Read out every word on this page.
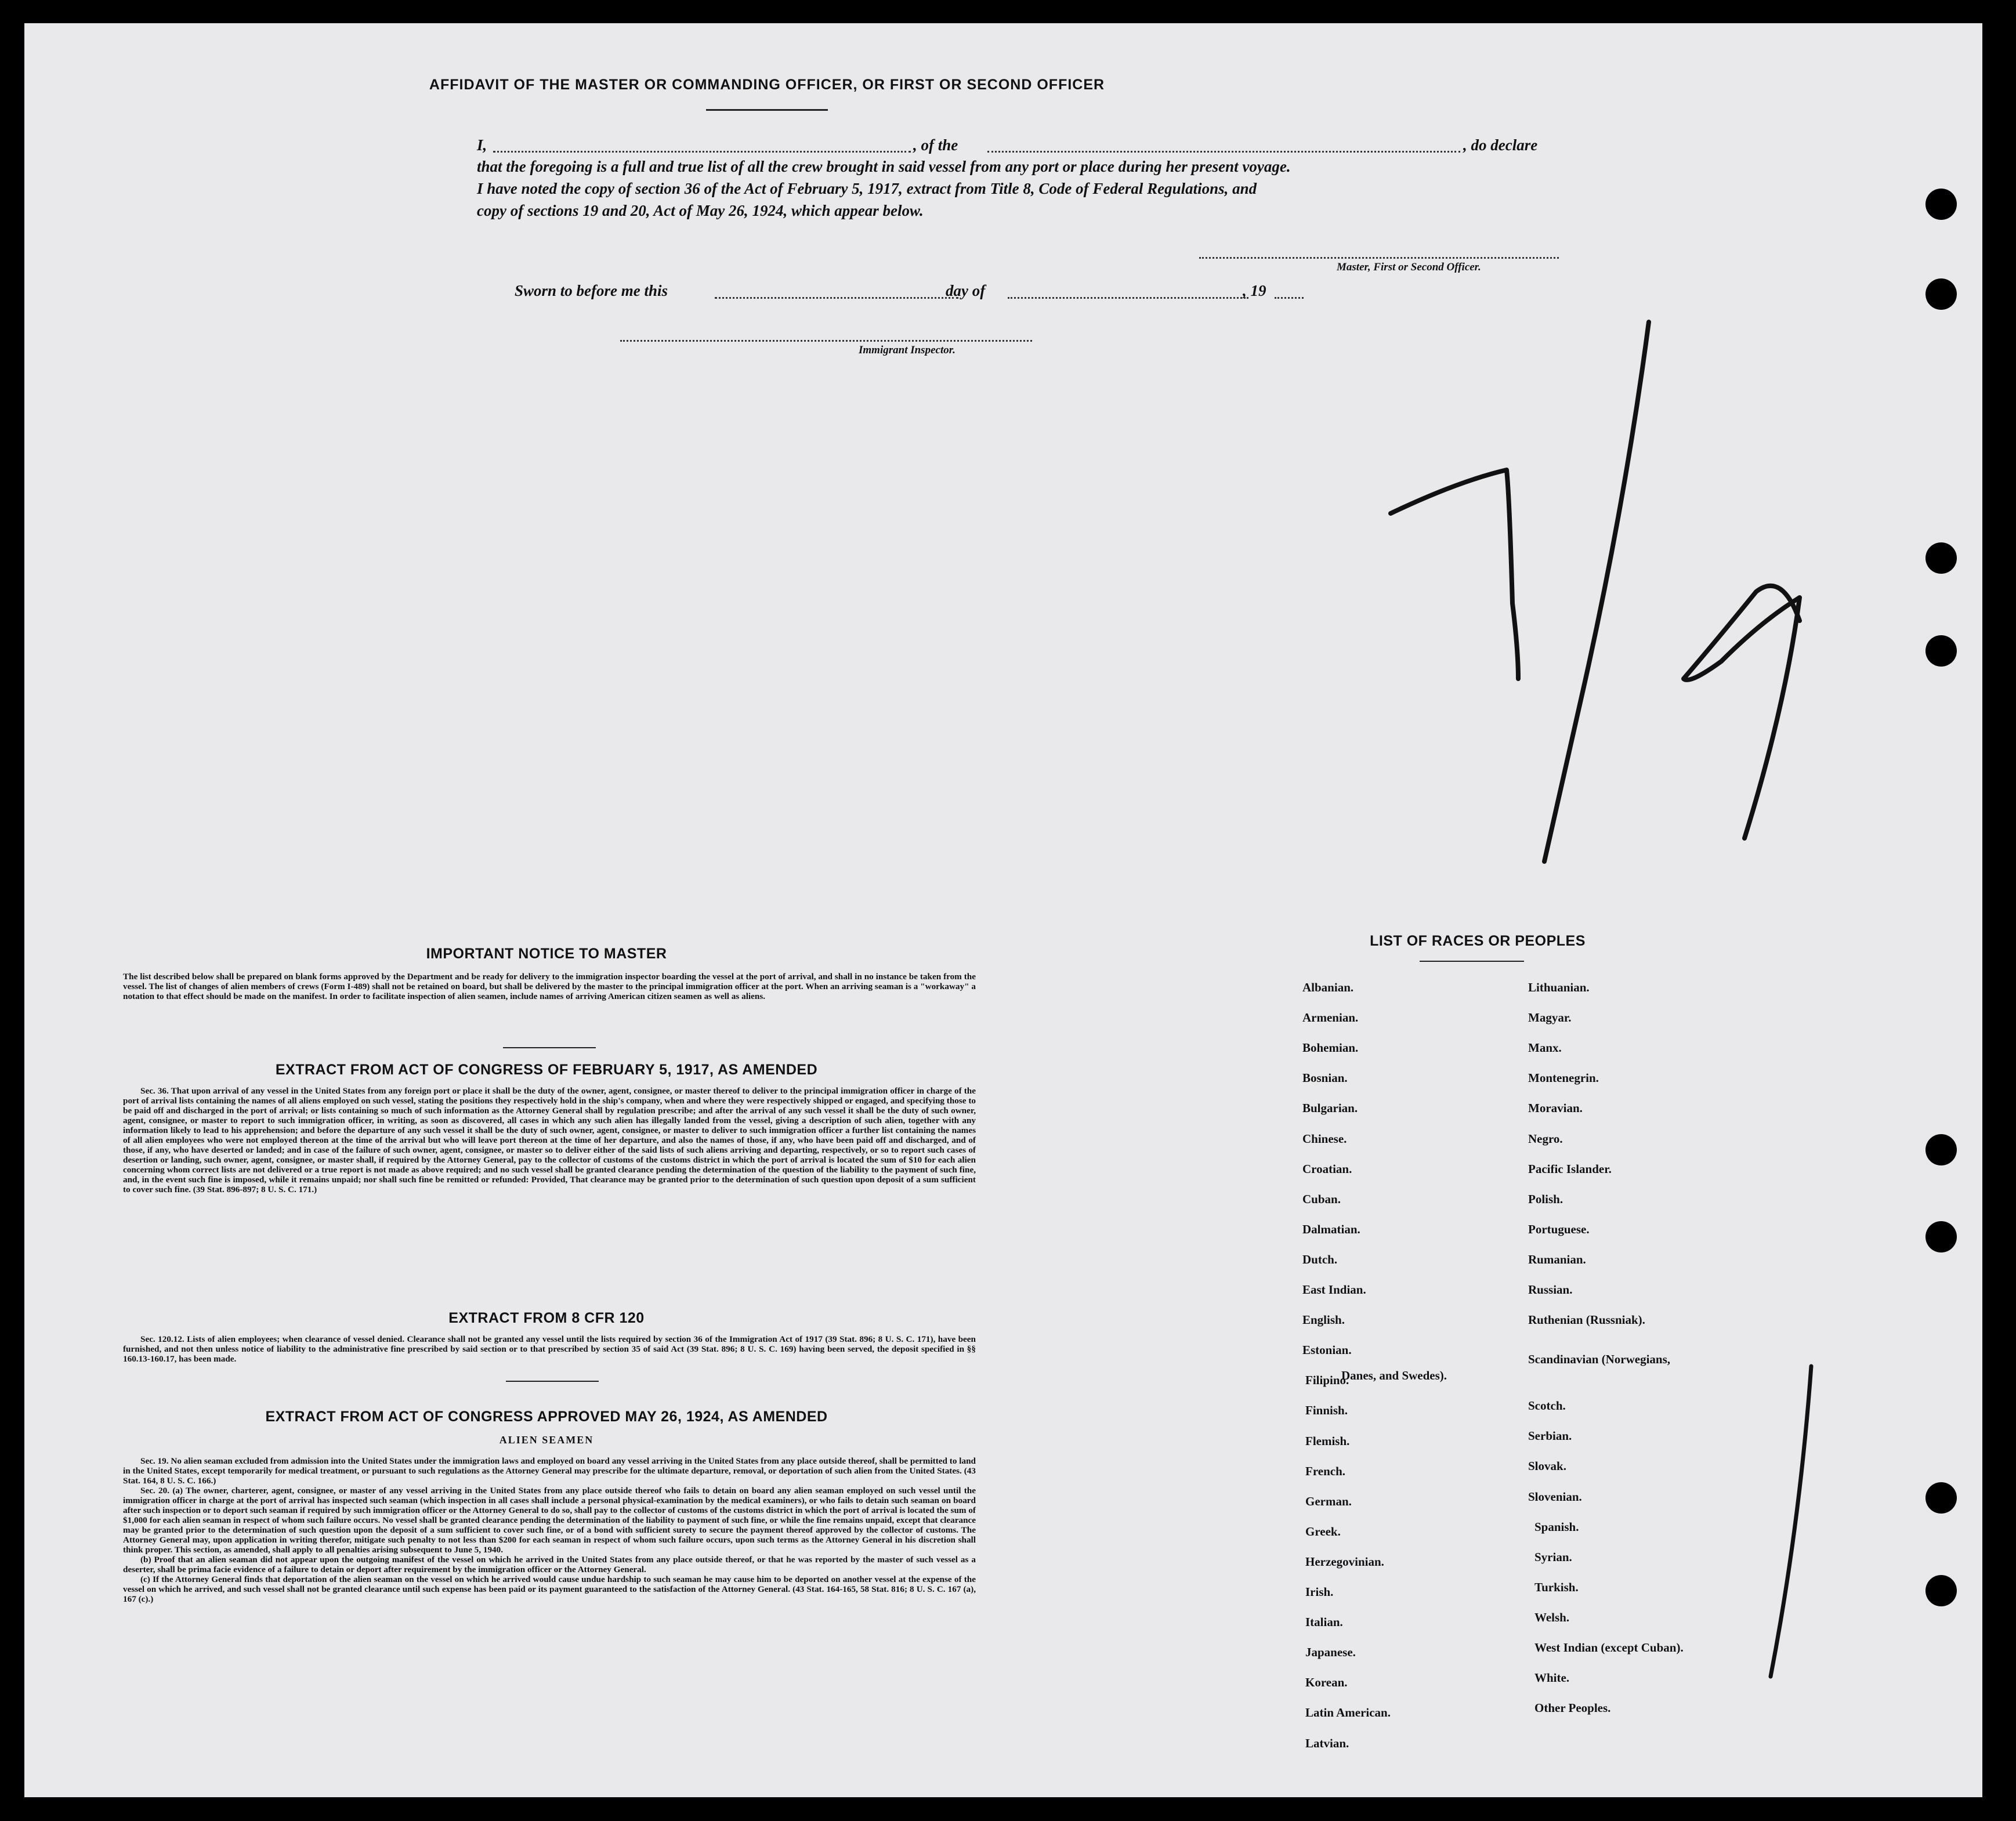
AFFIDAVIT OF THE MASTER OR COMMANDING OFFICER, OR FIRST OR SECOND OFFICER
I,	, of the	, do declare
that the foregoing is a full and true list of all the crew brought in said vessel from any port or place during her present voyage.
I have noted the copy of section 36 of the Act of February 5, 1917, extract from Title 8, Code of Federal Regulations, and
copy of sections 19 and 20, Act of May 26, 1924, which appear below.
Master, First or Second Officer.
Sworn to before me this	day of	, 19
Immigrant Inspector.
IMPORTANT NOTICE TO MASTER
The list described below shall be prepared on blank forms approved by the Department and be ready for delivery to the immigration inspector boarding the vessel at the port of arrival, and shall in no instance be taken from the vessel. The list of changes of alien members of crews (Form I-489) shall not be retained on board, but shall be delivered by the master to the principal immigration officer at the port. When an arriving seaman is a "workaway" a notation to that effect should be made on the manifest. In order to facilitate inspection of alien seamen, include names of arriving American citizen seamen as well as aliens.
EXTRACT FROM ACT OF CONGRESS OF FEBRUARY 5, 1917, AS AMENDED
Sec. 36. That upon arrival of any vessel in the United States from any foreign port or place it shall be the duty of the owner, agent, consignee, or master thereof to deliver to the principal immigration officer in charge of the port of arrival lists containing the names of all aliens employed on such vessel, stating the positions they respectively hold in the ship's company, when and where they were respectively shipped or engaged, and specifying those to be paid off and discharged in the port of arrival; or lists containing so much of such information as the Attorney General shall by regulation prescribe; and after the arrival of any such vessel it shall be the duty of such owner, agent, consignee, or master to report to such immigration officer, in writing, as soon as discovered, all cases in which any such alien has illegally landed from the vessel, giving a description of such alien, together with any information likely to lead to his apprehension; and before the departure of any such vessel it shall be the duty of such owner, agent, consignee, or master to deliver to such immigration officer a further list containing the names of all alien employees who were not employed thereon at the time of the arrival but who will leave port thereon at the time of her departure, and also the names of those, if any, who have been paid off and discharged, and of those, if any, who have deserted or landed; and in case of the failure of such owner, agent, consignee, or master so to deliver either of the said lists of such aliens arriving and departing, respectively, or so to report such cases of desertion or landing, such owner, agent, consignee, or master shall, if required by the Attorney General, pay to the collector of customs of the customs district in which the port of arrival is located the sum of $10 for each alien concerning whom correct lists are not delivered or a true report is not made as above required; and no such vessel shall be granted clearance pending the determination of the question of the liability to the payment of such fine, and, in the event such fine is imposed, while it remains unpaid; nor shall such fine be remitted or refunded: Provided, That clearance may be granted prior to the determination of such question upon deposit of a sum sufficient to cover such fine. (39 Stat. 896-897; 8 U. S. C. 171.)
EXTRACT FROM 8 CFR 120
Sec. 120.12. Lists of alien employees; when clearance of vessel denied. Clearance shall not be granted any vessel until the lists required by section 36 of the Immigration Act of 1917 (39 Stat. 896; 8 U. S. C. 171), have been furnished, and not then unless notice of liability to the administrative fine prescribed by said section or to that prescribed by section 35 of said Act (39 Stat. 896; 8 U. S. C. 169) having been served, the deposit specified in §§ 160.13-160.17, has been made.
EXTRACT FROM ACT OF CONGRESS APPROVED MAY 26, 1924, AS AMENDED
ALIEN SEAMEN
Sec. 19. No alien seaman excluded from admission into the United States under the immigration laws and employed on board any vessel arriving in the United States from any place outside thereof, shall be permitted to land in the United States, except temporarily for medical treatment, or pursuant to such regulations as the Attorney General may prescribe for the ultimate departure, removal, or deportation of such alien from the United States. (43 Stat. 164, 8 U. S. C. 166.)
Sec. 20. (a) The owner, charterer, agent, consignee, or master of any vessel arriving in the United States from any place outside thereof who fails to detain on board any alien seaman employed on such vessel until the immigration officer in charge at the port of arrival has inspected such seaman (which inspection in all cases shall include a personal physical-examination by the medical examiners), or who fails to detain such seaman on board after such inspection or to deport such seaman if required by such immigration officer or the Attorney General to do so, shall pay to the collector of customs of the customs district in which the port of arrival is located the sum of $1,000 for each alien seaman in respect of whom such failure occurs. No vessel shall be granted clearance pending the determination of the liability to payment of such fine, or while the fine remains unpaid, except that clearance may be granted prior to the determination of such question upon the deposit of a sum sufficient to cover such fine, or of a bond with sufficient surety to secure the payment thereof approved by the collector of customs. The Attorney General may, upon application in writing therefor, mitigate such penalty to not less than $200 for each seaman in respect of whom such failure occurs, upon such terms as the Attorney General in his discretion shall think proper. This section, as amended, shall apply to all penalties arising subsequent to June 5, 1940.
(b) Proof that an alien seaman did not appear upon the outgoing manifest of the vessel on which he arrived in the United States from any place outside thereof, or that he was reported by the master of such vessel as a deserter, shall be prima facie evidence of a failure to detain or deport after requirement by the immigration officer or the Attorney General.
(c) If the Attorney General finds that deportation of the alien seaman on the vessel on which he arrived would cause undue hardship to such seaman he may cause him to be deported on another vessel at the expense of the vessel on which he arrived, and such vessel shall not be granted clearance until such expense has been paid or its payment guaranteed to the satisfaction of the Attorney General. (43 Stat. 164-165, 58 Stat. 816; 8 U. S. C. 167 (a), 167 (c).)
LIST OF RACES OR PEOPLES
Albanian.
Armenian.
Bohemian.
Bosnian.
Bulgarian.
Chinese.
Croatian.
Cuban.
Dalmatian.
Dutch.
East Indian.
English.
Estonian.
Filipino.
Finnish.
Flemish.
French.
German.
Greek.
Herzegovinian.
Irish.
Italian.
Japanese.
Korean.
Latin American.
Latvian.
Lithuanian.
Magyar.
Manx.
Montenegrin.
Moravian.
Negro.
Pacific Islander.
Polish.
Portuguese.
Rumanian.
Russian.
Ruthenian (Russniak).
Scandinavian (Norwegians,
Danes, and Swedes).
Scotch.
Serbian.
Slovak.
Slovenian.
Spanish.
Syrian.
Turkish.
Welsh.
West Indian (except Cuban).
White.
Other Peoples.
